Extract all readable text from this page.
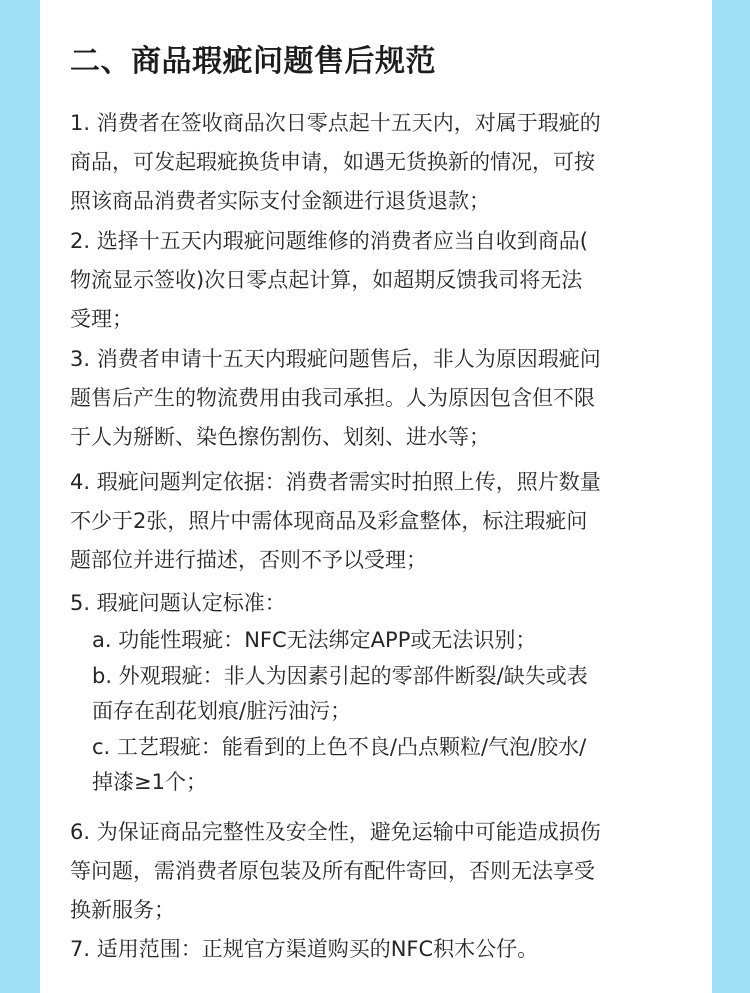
二、商品瑕疵问题售后规范

1. 消费者在签收商品次日零点起十五天内，对属于瑕疵的
商品，可发起瑕疵换货申请，如遇无货换新的情况，可按
照该商品消费者实际支付金额进行退货退款；

2. 选择十五天内瑕疵问题维修的消费者应当自收到商品(
物流显示签收)次日零点起计算，如超期反馈我司将无法
受理；

3. 消费者申请十五天内瑕疵问题售后，非人为原因瑕疵问
题售后产生的物流费用由我司承担。人为原因包含但不限
于人为掰断、染色擦伤割伤、划刻、进水等；

4. 瑕疵问题判定依据：消费者需实时拍照上传，照片数量
不少于2张，照片中需体现商品及彩盒整体，标注瑕疵问
题部位并进行描述，否则不予以受理；

5. 瑕疵问题认定标准：
a. 功能性瑕疵：NFC无法绑定APP或无法识别；
b. 外观瑕疵：非人为因素引起的零部件断裂/缺失或表
面存在刮花划痕/脏污油污；
c. 工艺瑕疵：能看到的上色不良/凸点颗粒/气泡/胶水/
掉漆≥1个；

6. 为保证商品完整性及安全性，避免运输中可能造成损伤
等问题，需消费者原包装及所有配件寄回，否则无法享受
换新服务；

7. 适用范围：正规官方渠道购买的NFC积木公仔。
